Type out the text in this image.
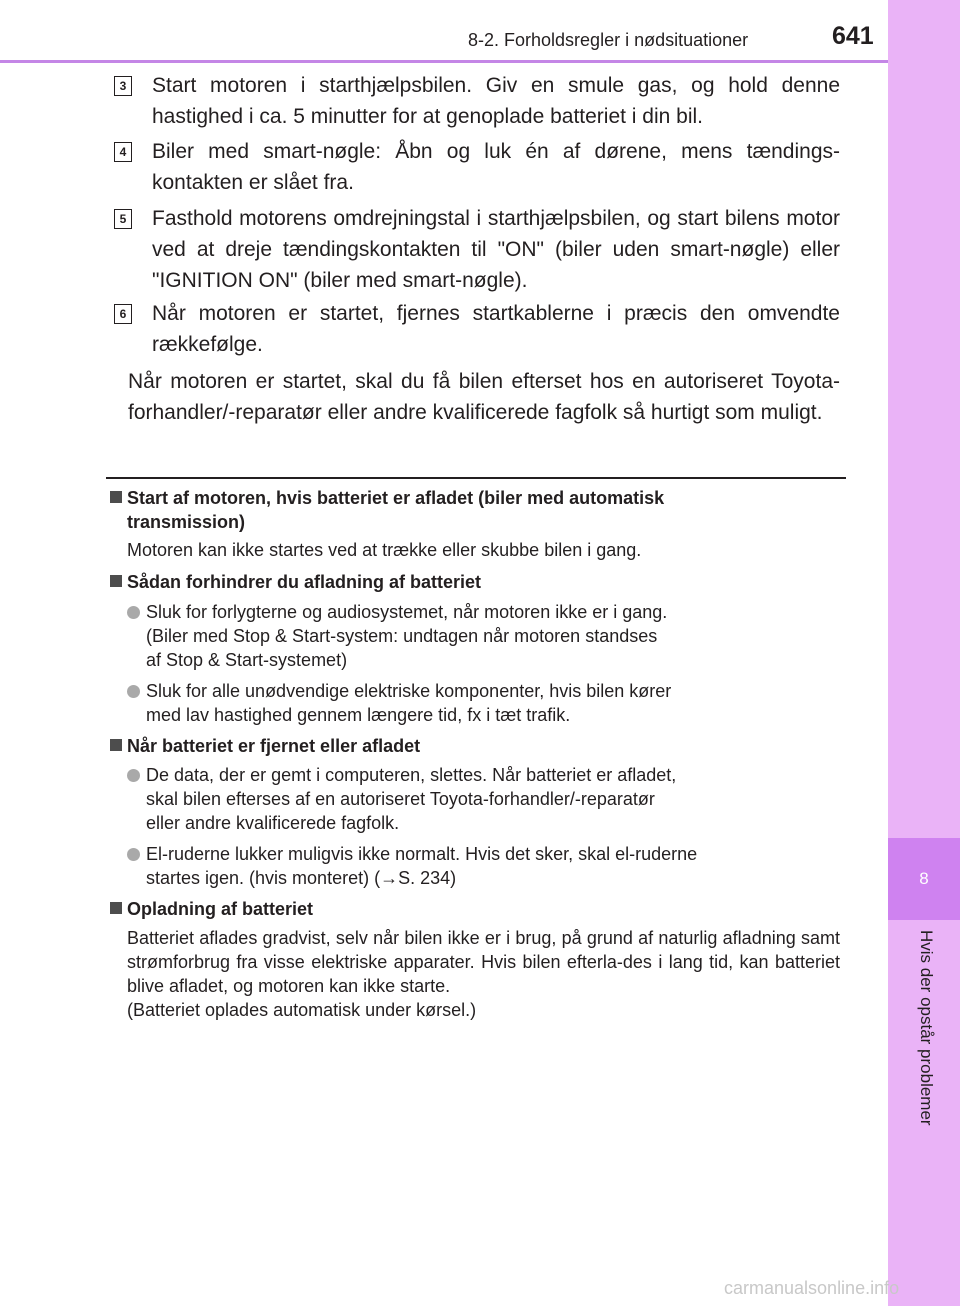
8
Hvis der opstår problemer
8-2. Forholdsregler i nødsituationer	641
3 Start motoren i starthjælpsbilen. Giv en smule gas, og hold denne hastighed i ca. 5 minutter for at genoplade batteriet i din bil.
4 Biler med smart-nøgle: Åbn og luk én af dørene, mens tændings-kontakten er slået fra.
5 Fasthold motorens omdrejningstal i starthjælpsbilen, og start bilens motor ved at dreje tændingskontakten til "ON" (biler uden smart-nøgle) eller "IGNITION ON" (biler med smart-nøgle).
6 Når motoren er startet, fjernes startkablerne i præcis den omvendte rækkefølge.
Når motoren er startet, skal du få bilen efterset hos en autoriseret Toyota-forhandler/-reparatør eller andre kvalificerede fagfolk så hurtigt som muligt.
Start af motoren, hvis batteriet er afladet (biler med automatisk transmission)
Motoren kan ikke startes ved at trække eller skubbe bilen i gang.
Sådan forhindrer du afladning af batteriet
Sluk for forlygterne og audiosystemet, når motoren ikke er i gang.
(Biler med Stop & Start-system: undtagen når motoren standses
af Stop & Start-systemet)
Sluk for alle unødvendige elektriske komponenter, hvis bilen kører
med lav hastighed gennem længere tid, fx i tæt trafik.
Når batteriet er fjernet eller afladet
De data, der er gemt i computeren, slettes. Når batteriet er afladet,
skal bilen efterses af en autoriseret Toyota-forhandler/-reparatør
eller andre kvalificerede fagfolk.
El-ruderne lukker muligvis ikke normalt. Hvis det sker, skal el-ruderne
startes igen. (hvis monteret) (→S. 234)
Opladning af batteriet
Batteriet aflades gradvist, selv når bilen ikke er i brug, på grund af naturlig afladning samt strømforbrug fra visse elektriske apparater. Hvis bilen efterla-des i lang tid, kan batteriet blive afladet, og motoren kan ikke starte.
(Batteriet oplades automatisk under kørsel.)
carmanualsonline.info
